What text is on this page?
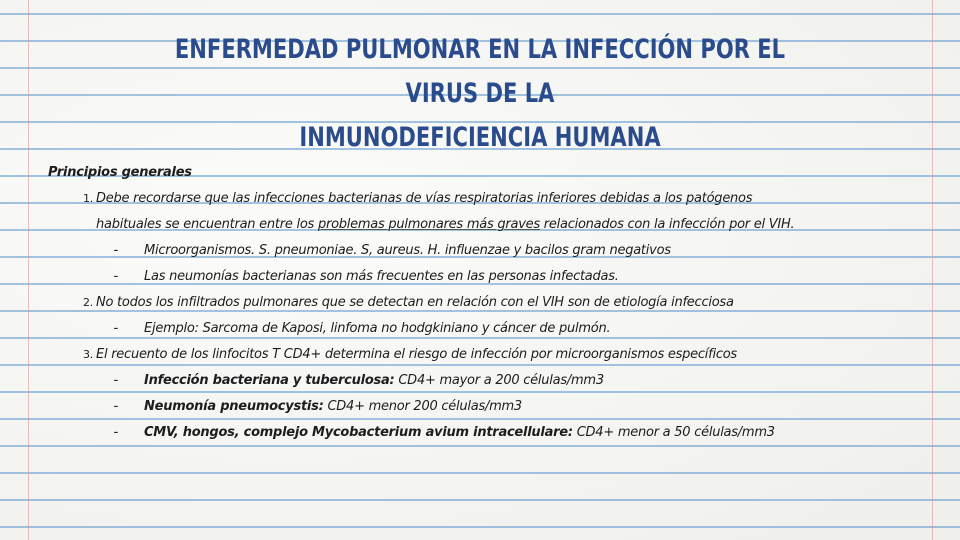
ENFERMEDAD PULMONAR EN LA INFECCIÓN POR EL VIRUS DE LA
INMUNODEFICIENCIA HUMANA
Principios generales
1. Debe recordarse que las infecciones bacterianas de vías respiratorias inferiores debidas a los patógenos
habituales se encuentran entre los problemas pulmonares más graves relacionados con la infección por el VIH.
- Microorganismos. S. pneumoniae. S, aureus. H. influenzae y bacilos gram negativos
- Las neumonías bacterianas son más frecuentes en las personas infectadas.
2. No todos los infiltrados pulmonares que se detectan en relación con el VIH son de etiología infecciosa
- Ejemplo: Sarcoma de Kaposi, linfoma no hodgkiniano y cáncer de pulmón.
3. El recuento de los linfocitos T CD4+ determina el riesgo de infección por microorganismos específicos
- Infección bacteriana y tuberculosa: CD4+ mayor a 200 células/mm3
- Neumonía pneumocystis: CD4+ menor 200 células/mm3
- CMV, hongos, complejo Mycobacterium avium intracellulare: CD4+ menor a 50 células/mm3
